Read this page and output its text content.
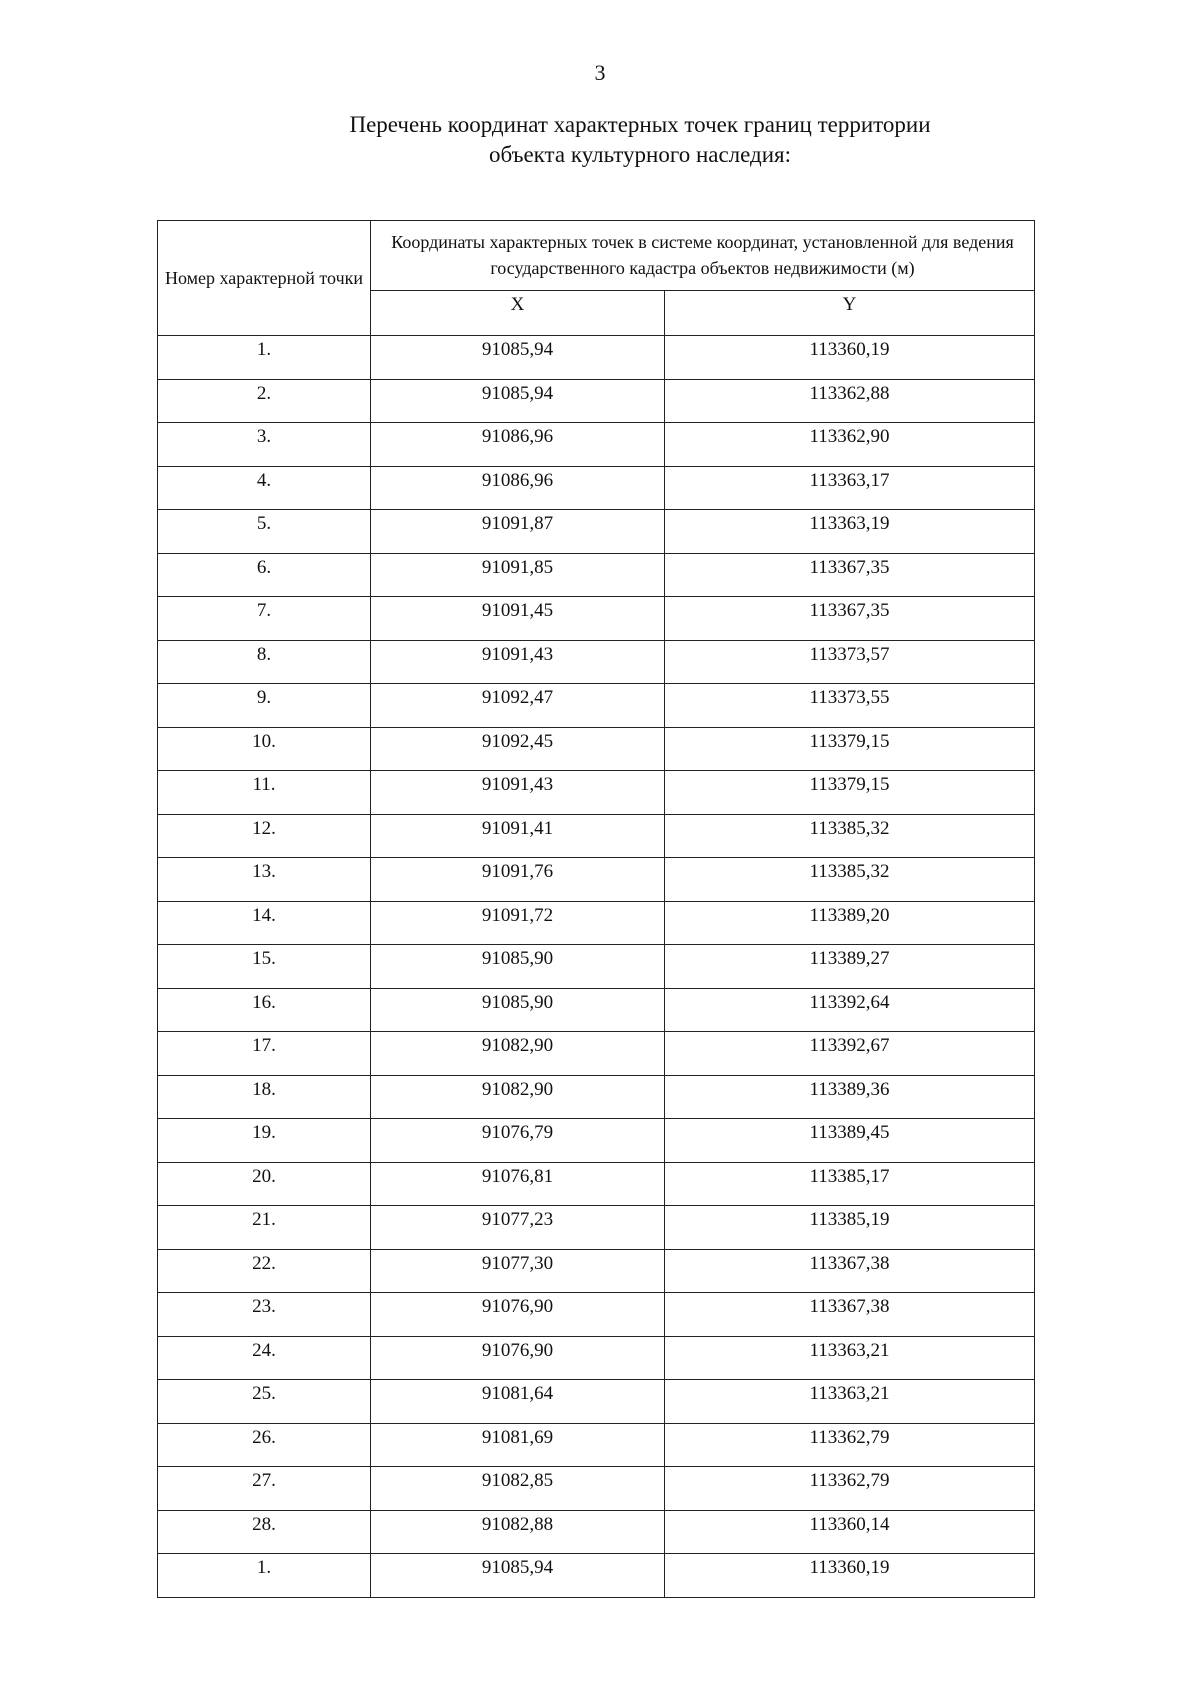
3
Перечень координат характерных точек границ территории
объекта культурного наследия:
Номер характерной точки	Координаты характерных точек в системе координат, установленной для ведения государственного кадастра объектов недвижимости (м)	
	X	Y
1.	91085,94	113360,19
2.	91085,94	113362,88
3.	91086,96	113362,90
4.	91086,96	113363,17
5.	91091,87	113363,19
6.	91091,85	113367,35
7.	91091,45	113367,35
8.	91091,43	113373,57
9.	91092,47	113373,55
10.	91092,45	113379,15
11.	91091,43	113379,15
12.	91091,41	113385,32
13.	91091,76	113385,32
14.	91091,72	113389,20
15.	91085,90	113389,27
16.	91085,90	113392,64
17.	91082,90	113392,67
18.	91082,90	113389,36
19.	91076,79	113389,45
20.	91076,81	113385,17
21.	91077,23	113385,19
22.	91077,30	113367,38
23.	91076,90	113367,38
24.	91076,90	113363,21
25.	91081,64	113363,21
26.	91081,69	113362,79
27.	91082,85	113362,79
28.	91082,88	113360,14
1.	91085,94	113360,19
